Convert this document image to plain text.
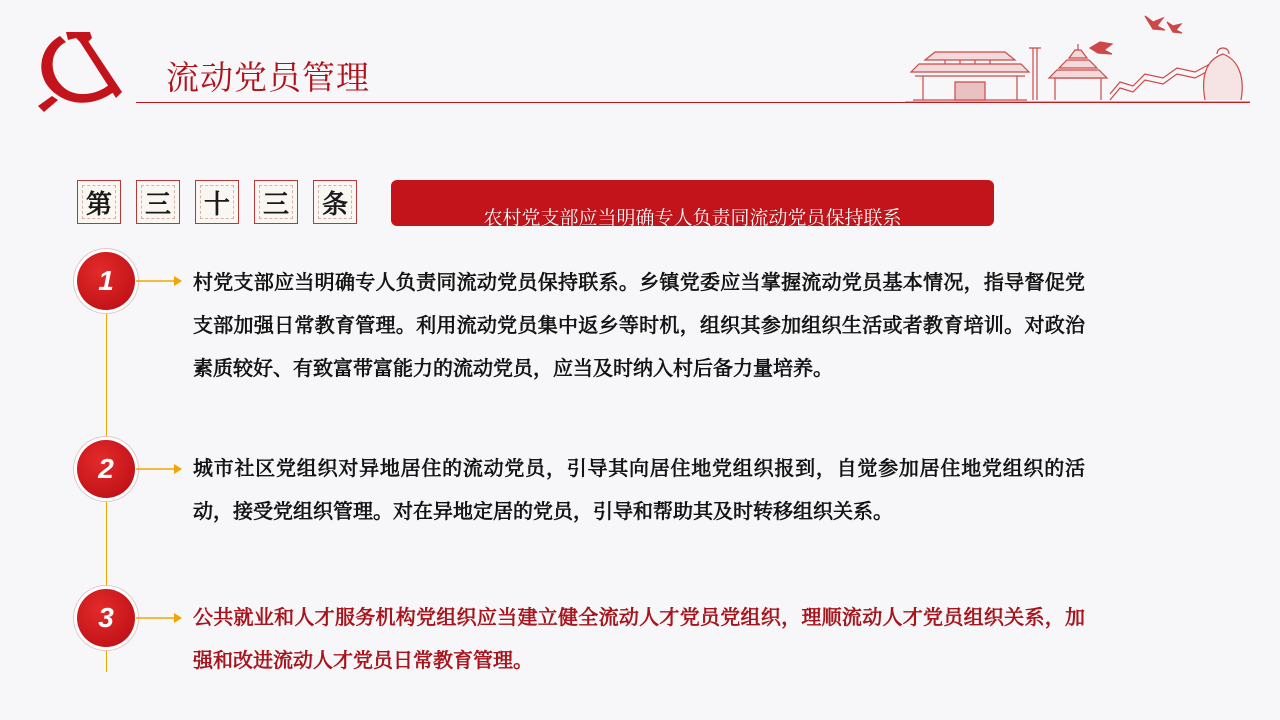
流动党员管理
第	三	十	三	条	农村党支部应当明确专人负责同流动党员保持联系
1	村党支部应当明确专人负责同流动党员保持联系。乡镇党委应当掌握流动党员基本情况，指导督促党支部加强日常教育管理。利用流动党员集中返乡等时机，组织其参加组织生活或者教育培训。对政治素质较好、有致富带富能力的流动党员，应当及时纳入村后备力量培养。
2	城市社区党组织对异地居住的流动党员，引导其向居住地党组织报到，自觉参加居住地党组织的活动，接受党组织管理。对在异地定居的党员，引导和帮助其及时转移组织关系。
3	公共就业和人才服务机构党组织应当建立健全流动人才党员党组织，理顺流动人才党员组织关系，加强和改进流动人才党员日常教育管理。
